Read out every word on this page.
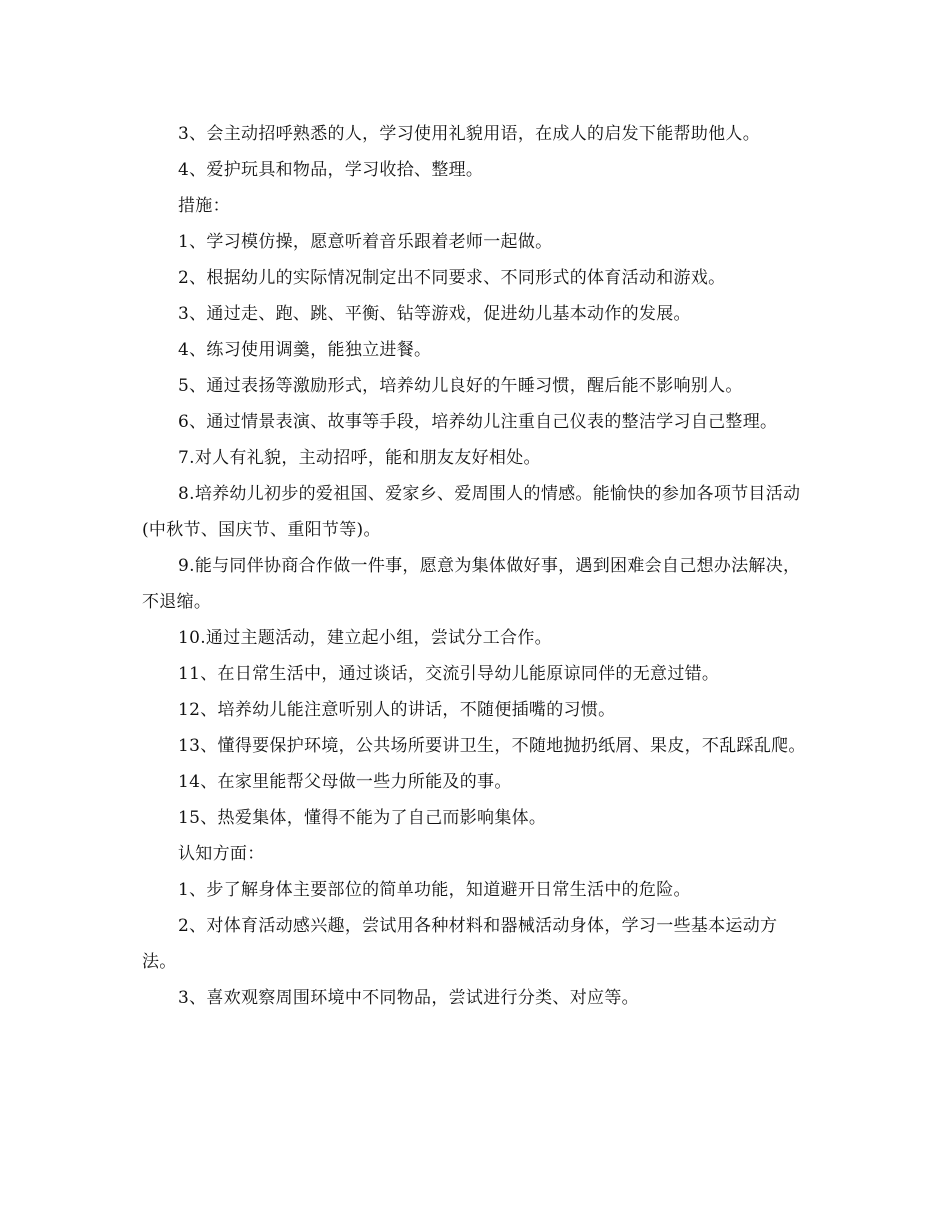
3、会主动招呼熟悉的人，学习使用礼貌用语，在成人的启发下能帮助他人。

4、爱护玩具和物品，学习收拾、整理。

措施：

1、学习模仿操，愿意听着音乐跟着老师一起做。

2、根据幼儿的实际情况制定出不同要求、不同形式的体育活动和游戏。

3、通过走、跑、跳、平衡、钻等游戏，促进幼儿基本动作的发展。

4、练习使用调羹，能独立进餐。

5、通过表扬等激励形式，培养幼儿良好的午睡习惯，醒后能不影响别人。

6、通过情景表演、故事等手段，培养幼儿注重自己仪表的整洁学习自己整理。

7.对人有礼貌，主动招呼，能和朋友友好相处。

8.培养幼儿初步的爱祖国、爱家乡、爱周围人的情感。能愉快的参加各项节目活动(中秋节、国庆节、重阳节等)。

9.能与同伴协商合作做一件事，愿意为集体做好事，遇到困难会自己想办法解决，不退缩。

10.通过主题活动，建立起小组，尝试分工合作。

11、在日常生活中，通过谈话，交流引导幼儿能原谅同伴的无意过错。

12、培养幼儿能注意听别人的讲话，不随便插嘴的习惯。

13、懂得要保护环境，公共场所要讲卫生，不随地抛扔纸屑、果皮，不乱踩乱爬。

14、在家里能帮父母做一些力所能及的事。

15、热爱集体，懂得不能为了自己而影响集体。

认知方面：

1、步了解身体主要部位的简单功能，知道避开日常生活中的危险。

2、对体育活动感兴趣，尝试用各种材料和器械活动身体，学习一些基本运动方法。

3、喜欢观察周围环境中不同物品，尝试进行分类、对应等。
